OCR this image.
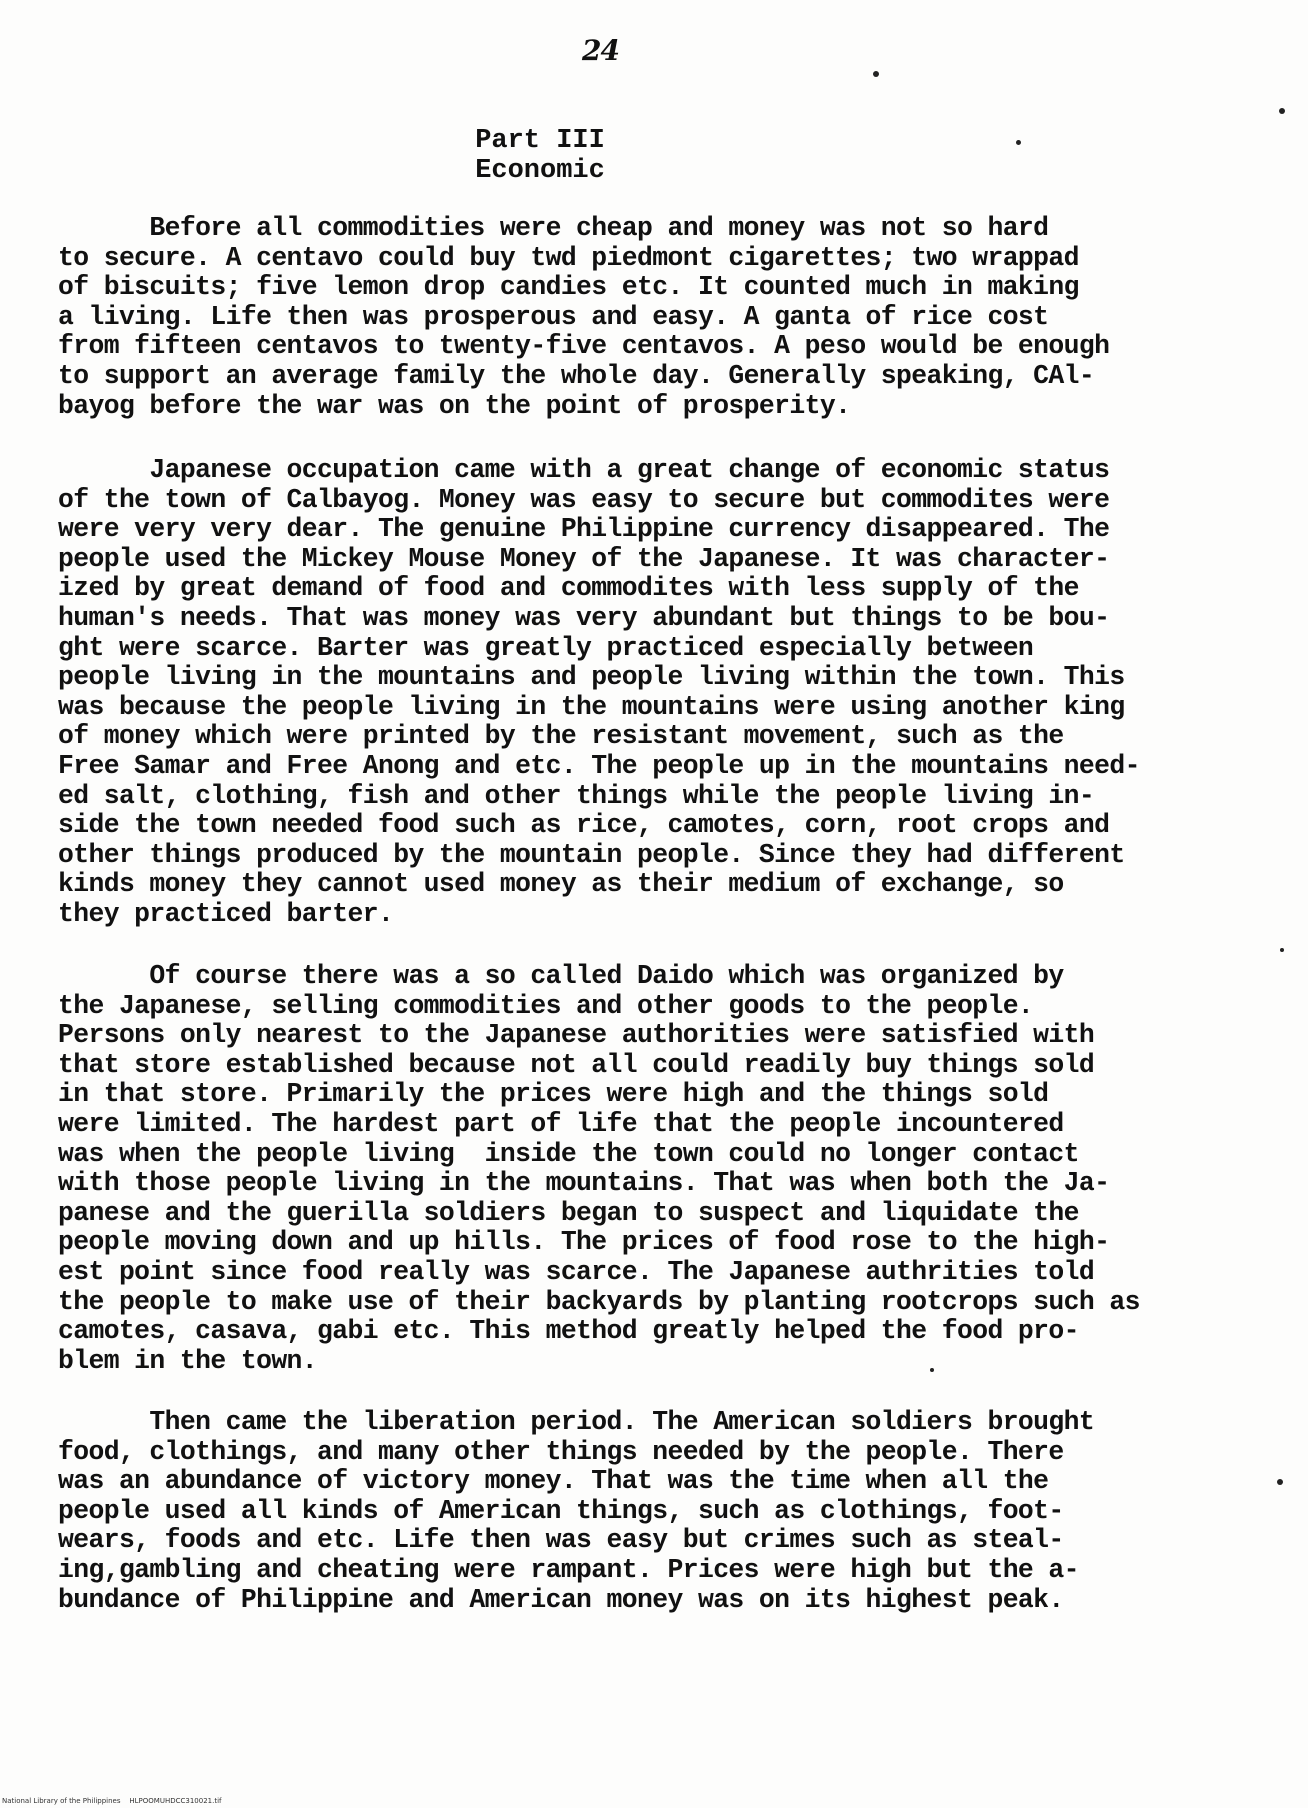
24
Part III
Economic
Before all commodities were cheap and money was not so hard
to secure. A centavo could buy twd piedmont cigarettes; two wrappad
of biscuits; five lemon drop candies etc. It counted much in making
a living. Life then was prosperous and easy. A ganta of rice cost
from fifteen centavos to twenty-five centavos. A peso would be enough
to support an average family the whole day. Generally speaking, CAl-
bayog before the war was on the point of prosperity.
Japanese occupation came with a great change of economic status
of the town of Calbayog. Money was easy to secure but commodites were
were very very dear. The genuine Philippine currency disappeared. The
people used the Mickey Mouse Money of the Japanese. It was character-
ized by great demand of food and commodites with less supply of the
human's needs. That was money was very abundant but things to be bou-
ght were scarce. Barter was greatly practiced especially between
people living in the mountains and people living within the town. This
was because the people living in the mountains were using another king
of money which were printed by the resistant movement, such as the
Free Samar and Free Anong and etc. The people up in the mountains need-
ed salt, clothing, fish and other things while the people living in-
side the town needed food such as rice, camotes, corn, root crops and
other things produced by the mountain people. Since they had different
kinds money they cannot used money as their medium of exchange, so
they practiced barter.
Of course there was a so called Daido which was organized by
the Japanese, selling commodities and other goods to the people.
Persons only nearest to the Japanese authorities were satisfied with
that store established because not all could readily buy things sold
in that store. Primarily the prices were high and the things sold
were limited. The hardest part of life that the people incountered
was when the people living  inside the town could no longer contact
with those people living in the mountains. That was when both the Ja-
panese and the guerilla soldiers began to suspect and liquidate the
people moving down and up hills. The prices of food rose to the high-
est point since food really was scarce. The Japanese authrities told
the people to make use of their backyards by planting rootcrops such as
camotes, casava, gabi etc. This method greatly helped the food pro-
blem in the town.
Then came the liberation period. The American soldiers brought
food, clothings, and many other things needed by the people. There
was an abundance of victory money. That was the time when all the
people used all kinds of American things, such as clothings, foot-
wears, foods and etc. Life then was easy but crimes such as steal-
ing,gambling and cheating were rampant. Prices were high but the a-
bundance of Philippine and American money was on its highest peak.
National Library of the Philippines    HLPOOMUHDCC310021.tif
